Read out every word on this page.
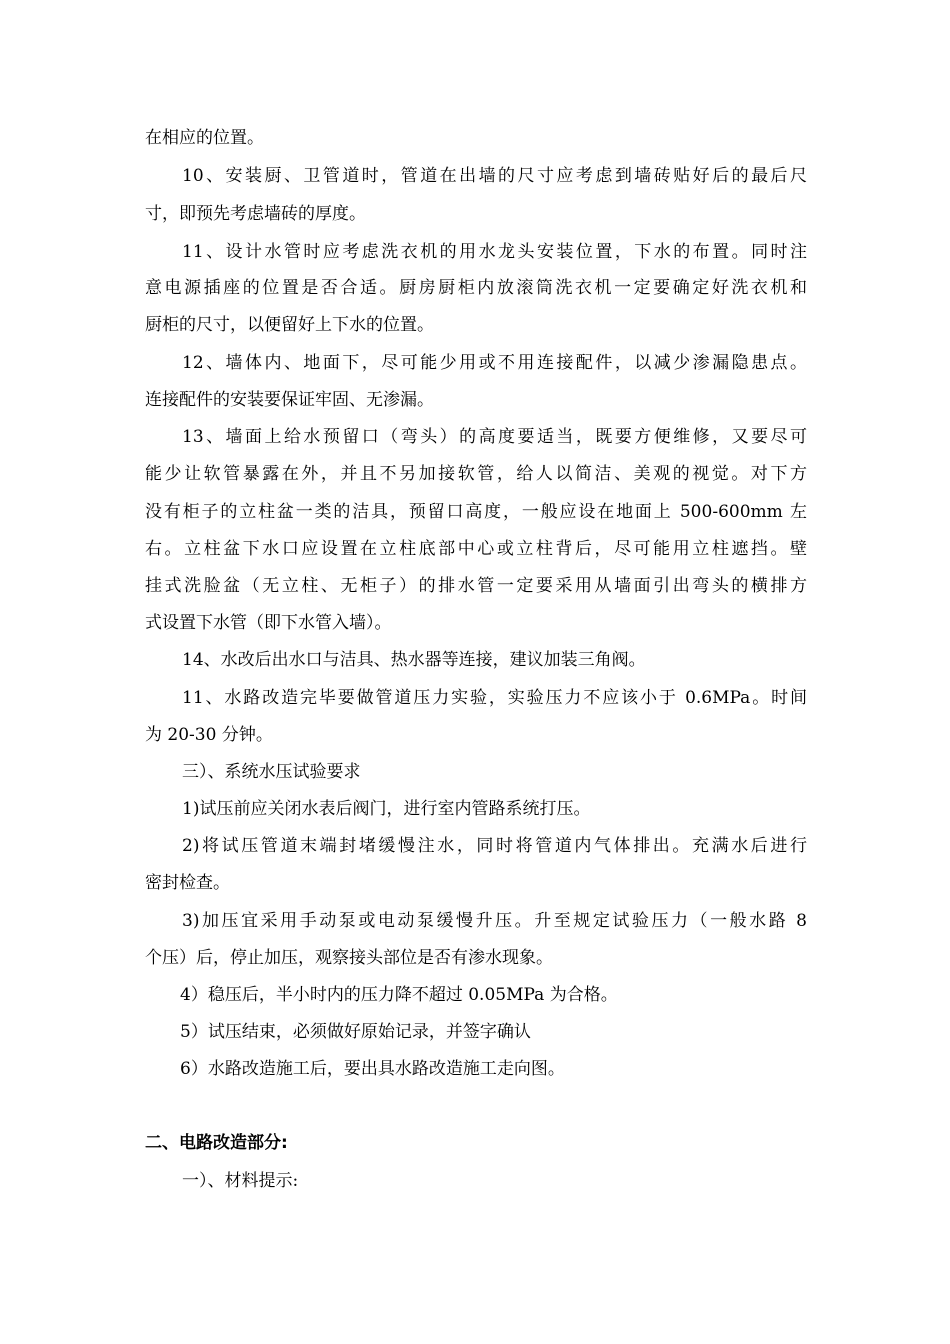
在相应的位置。
10、安装厨、卫管道时，管道在出墙的尺寸应考虑到墙砖贴好后的最后尺
寸，即预先考虑墙砖的厚度。
11、设计水管时应考虑洗衣机的用水龙头安装位置，下水的布置。同时注
意电源插座的位置是否合适。厨房厨柜内放滚筒洗衣机一定要确定好洗衣机和
厨柜的尺寸，以便留好上下水的位置。
12、墙体内、地面下，尽可能少用或不用连接配件，以减少渗漏隐患点。
连接配件的安装要保证牢固、无渗漏。
13、墙面上给水预留口（弯头）的高度要适当，既要方便维修，又要尽可
能少让软管暴露在外，并且不另加接软管，给人以简洁、美观的视觉。对下方
没有柜子的立柱盆一类的洁具，预留口高度，一般应设在地面上 500-600mm 左
右。立柱盆下水口应设置在立柱底部中心或立柱背后，尽可能用立柱遮挡。壁
挂式洗脸盆（无立柱、无柜子）的排水管一定要采用从墙面引出弯头的横排方
式设置下水管（即下水管入墙）。
14、水改后出水口与洁具、热水器等连接，建议加装三角阀。
11、水路改造完毕要做管道压力实验，实验压力不应该小于 0.6MPa。时间
为 20-30 分钟。
三）、系统水压试验要求
1)试压前应关闭水表后阀门，进行室内管路系统打压。
2)将试压管道末端封堵缓慢注水，同时将管道内气体排出。充满水后进行
密封检查。
3)加压宜采用手动泵或电动泵缓慢升压。升至规定试验压力（一般水路 8
个压）后，停止加压，观察接头部位是否有渗水现象。
4）稳压后，半小时内的压力降不超过 0.05MPa 为合格。
5）试压结束，必须做好原始记录，并签字确认
6）水路改造施工后，要出具水路改造施工走向图。
二、电路改造部分:
一）、材料提示:
